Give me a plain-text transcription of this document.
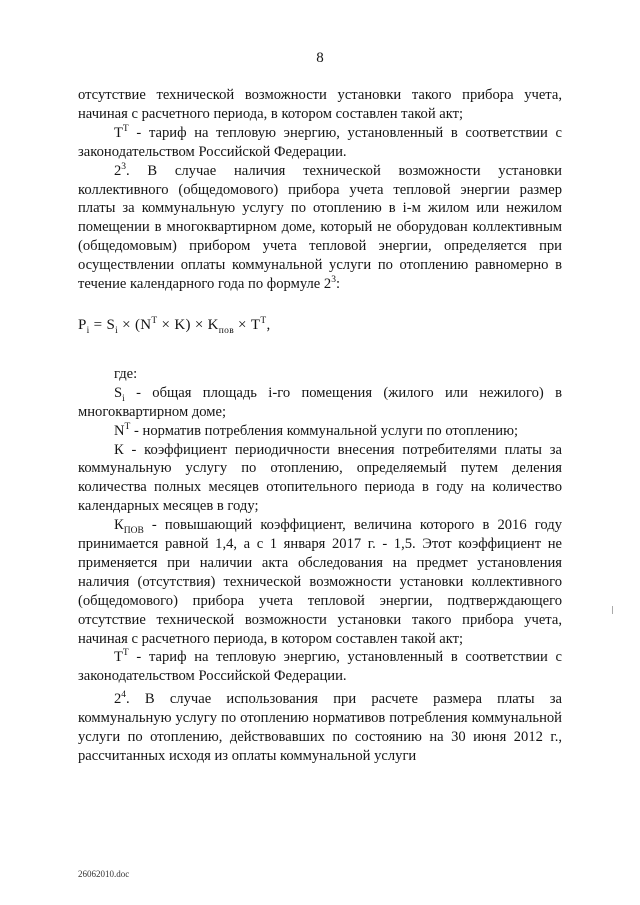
8

отсутствие технической возможности установки такого прибора учета, начиная с расчетного периода, в котором составлен такой акт;

$Т^T$ - тариф на тепловую энергию, установленный в соответствии с законодательством Российской Федерации.

$2^3$. В случае наличия технической возможности установки коллективного (общедомового) прибора учета тепловой энергии размер платы за коммунальную услугу по отоплению в i-м жилом или нежилом помещении в многоквартирном доме, который не оборудован коллективным (общедомовым) прибором учета тепловой энергии, определяется при осуществлении оплаты коммунальной услуги по отоплению равномерно в течение календарного года по формуле $2^3$:

$P_i = S_i \times (N^T \times K) \times K_{пов} \times T^T$,

где:

$S_i$ - общая площадь i-го помещения (жилого или нежилого) в многоквартирном доме;

$N^T$ - норматив потребления коммунальной услуги по отоплению;

К - коэффициент периодичности внесения потребителями платы за коммунальную услугу по отоплению, определяемый путем деления количества полных месяцев отопительного периода в году на количество календарных месяцев в году;

$К_{ПОВ}$ - повышающий коэффициент, величина которого в 2016 году принимается равной 1,4, а с 1 января 2017 г. - 1,5. Этот коэффициент не применяется при наличии акта обследования на предмет установления наличия (отсутствия) технической возможности установки коллективного (общедомового) прибора учета тепловой энергии, подтверждающего отсутствие технической возможности установки такого прибора учета, начиная с расчетного периода, в котором составлен такой акт;

$Т^T$ - тариф на тепловую энергию, установленный в соответствии с законодательством Российской Федерации.

$2^4$. В случае использования при расчете размера платы за коммунальную услугу по отоплению нормативов потребления коммунальной услуги по отоплению, действовавших по состоянию на 30 июня 2012 г., рассчитанных исходя из оплаты коммунальной услуги

26062010.doc
